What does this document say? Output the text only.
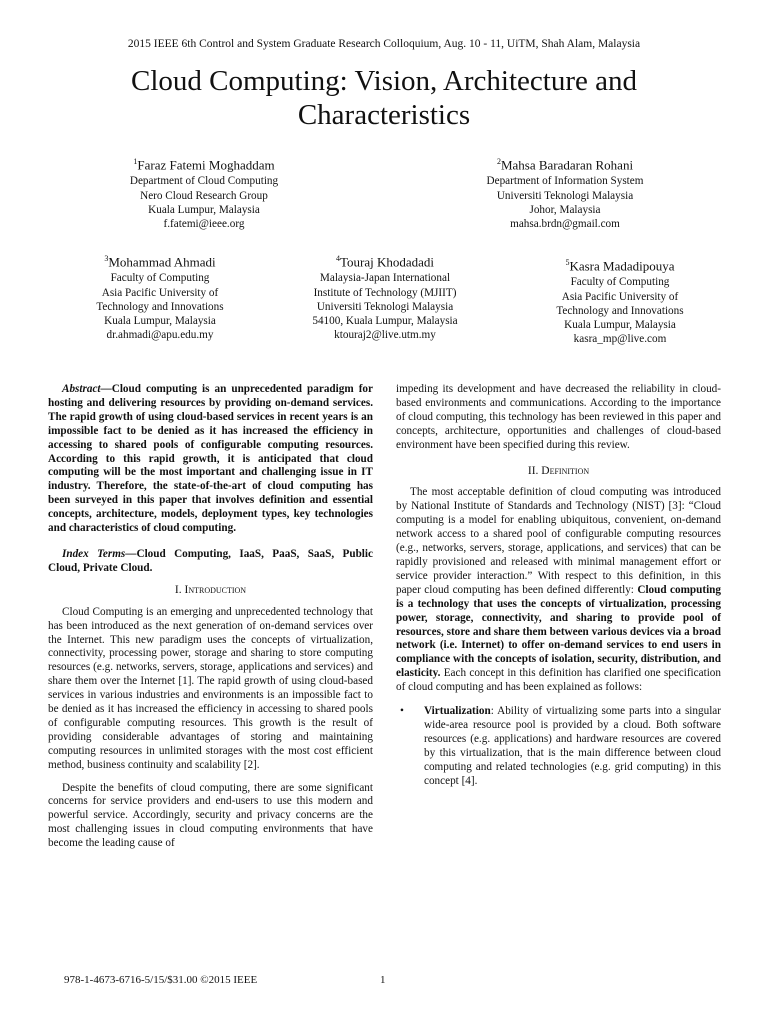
2015 IEEE 6th Control and System Graduate Research Colloquium, Aug. 10 - 11, UiTM, Shah Alam, Malaysia
Cloud Computing: Vision, Architecture and Characteristics
$^1$Faraz Fatemi Moghaddam
Department of Cloud Computing
Nero Cloud Research Group
Kuala Lumpur, Malaysia
f.fatemi@ieee.org
$^2$Mahsa Baradaran Rohani
Department of Information System
Universiti Teknologi Malaysia
Johor, Malaysia
mahsa.brdn@gmail.com
$^3$Mohammad Ahmadi
Faculty of Computing
Asia Pacific University of
Technology and Innovations
Kuala Lumpur, Malaysia
dr.ahmadi@apu.edu.my
$^4$Touraj Khodadadi
Malaysia-Japan International
Institute of Technology (MJIIT)
Universiti Teknologi Malaysia
54100, Kuala Lumpur, Malaysia
ktouraj2@live.utm.my
$^5$Kasra Madadipouya
Faculty of Computing
Asia Pacific University of
Technology and Innovations
Kuala Lumpur, Malaysia
kasra_mp@live.com

Abstract—Cloud computing is an unprecedented paradigm for hosting and delivering resources by providing on-demand services. The rapid growth of using cloud-based services in recent years is an impossible fact to be denied as it has increased the efficiency in accessing to shared pools of configurable computing resources. According to this rapid growth, it is anticipated that cloud computing will be the most important and challenging issue in IT industry. Therefore, the state-of-the-art of cloud computing has been surveyed in this paper that involves definition and essential concepts, architecture, models, deployment types, key technologies and characteristics of cloud computing.

Index Terms—Cloud Computing, IaaS, PaaS, SaaS, Public Cloud, Private Cloud.

I. Introduction

Cloud Computing is an emerging and unprecedented technology that has been introduced as the next generation of on-demand services over the Internet. This new paradigm uses the concepts of virtualization, connectivity, processing power, storage and sharing to store computing resources (e.g. networks, servers, storage, applications and services) and share them over the Internet [1]. The rapid growth of using cloud-based services in various industries and environments is an impossible fact to be denied as it has increased the efficiency in accessing to shared pools of configurable computing resources. This growth is the result of providing considerable advantages of storing and maintaining computing resources in unlimited storages with the most cost efficient method, business continuity and scalability [2].

Despite the benefits of cloud computing, there are some significant concerns for service providers and end-users to use this modern and powerful service. Accordingly, security and privacy concerns are the most challenging issues in cloud computing environments that have become the leading cause of

impeding its development and have decreased the reliability in cloud-based environments and communications. According to the importance of cloud computing, this technology has been reviewed in this paper and concepts, architecture, opportunities and challenges of cloud-based environment have been specified during this review.

II. Definition

The most acceptable definition of cloud computing was introduced by National Institute of Standards and Technology (NIST) [3]: “Cloud computing is a model for enabling ubiquitous, convenient, on-demand network access to a shared pool of configurable computing resources (e.g., networks, servers, storage, applications, and services) that can be rapidly provisioned and released with minimal management effort or service provider interaction.” With respect to this definition, in this paper cloud computing has been defined differently: Cloud computing is a technology that uses the concepts of virtualization, processing power, storage, connectivity, and sharing to provide pool of resources, store and share them between various devices via a broad network (i.e. Internet) to offer on-demand services to end users in compliance with the concepts of isolation, security, distribution, and elasticity. Each concept in this definition has clarified one specification of cloud computing and has been explained as follows:

•	Virtualization: Ability of virtualizing some parts into a singular wide-area resource pool is provided by a cloud. Both software resources (e.g. applications) and hardware resources are covered by this virtualization, that is the main difference between cloud computing and related technologies (e.g. grid computing) in this concept [4].
978-1-4673-6716-5/15/$31.00 ©2015 IEEE	1
